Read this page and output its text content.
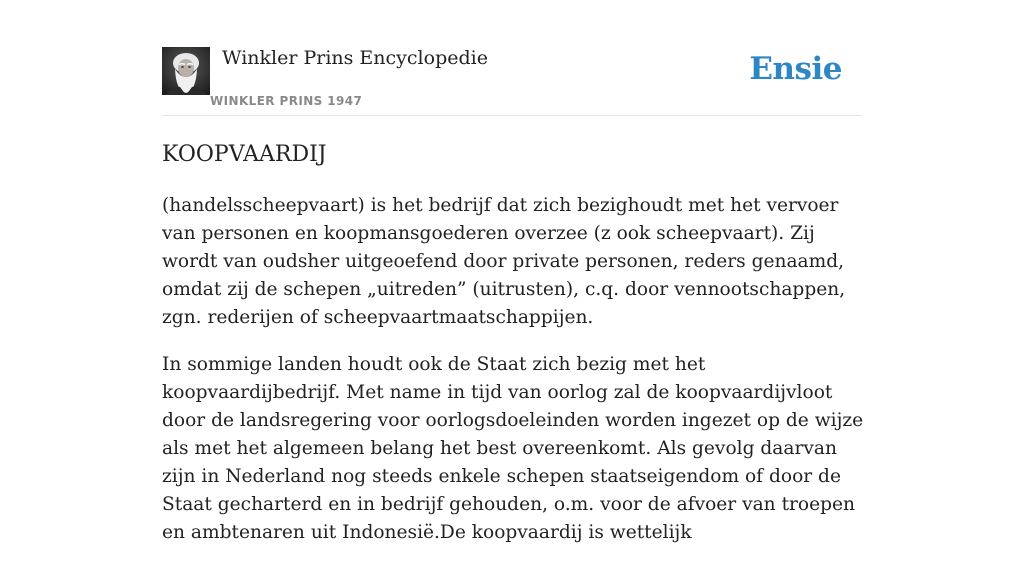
Winkler Prins Encyclopedie
WINKLER PRINS 1947
Ensie
KOOPVAARDIJ

(handelsscheepvaart) is het bedrijf dat zich bezighoudt met het vervoer van personen en koopmansgoederen overzee (z ook scheepvaart). Zij wordt van oudsher uitgeoefend door private personen, reders genaamd, omdat zij de schepen „uitreden” (uitrusten), c.q. door vennootschappen, zgn. rederijen of scheepvaartmaatschappijen.

In sommige landen houdt ook de Staat zich bezig met het koopvaardijbedrijf. Met name in tijd van oorlog zal de koopvaardijvloot door de landsregering voor oorlogsdoeleinden worden ingezet op de wijze als met het algemeen belang het best overeenkomt. Als gevolg daarvan zijn in Nederland nog steeds enkele schepen staatseigendom of door de Staat gecharterd en in bedrijf gehouden, o.m. voor de afvoer van troepen en ambtenaren uit Indonesië.De koopvaardij is wettelijk
